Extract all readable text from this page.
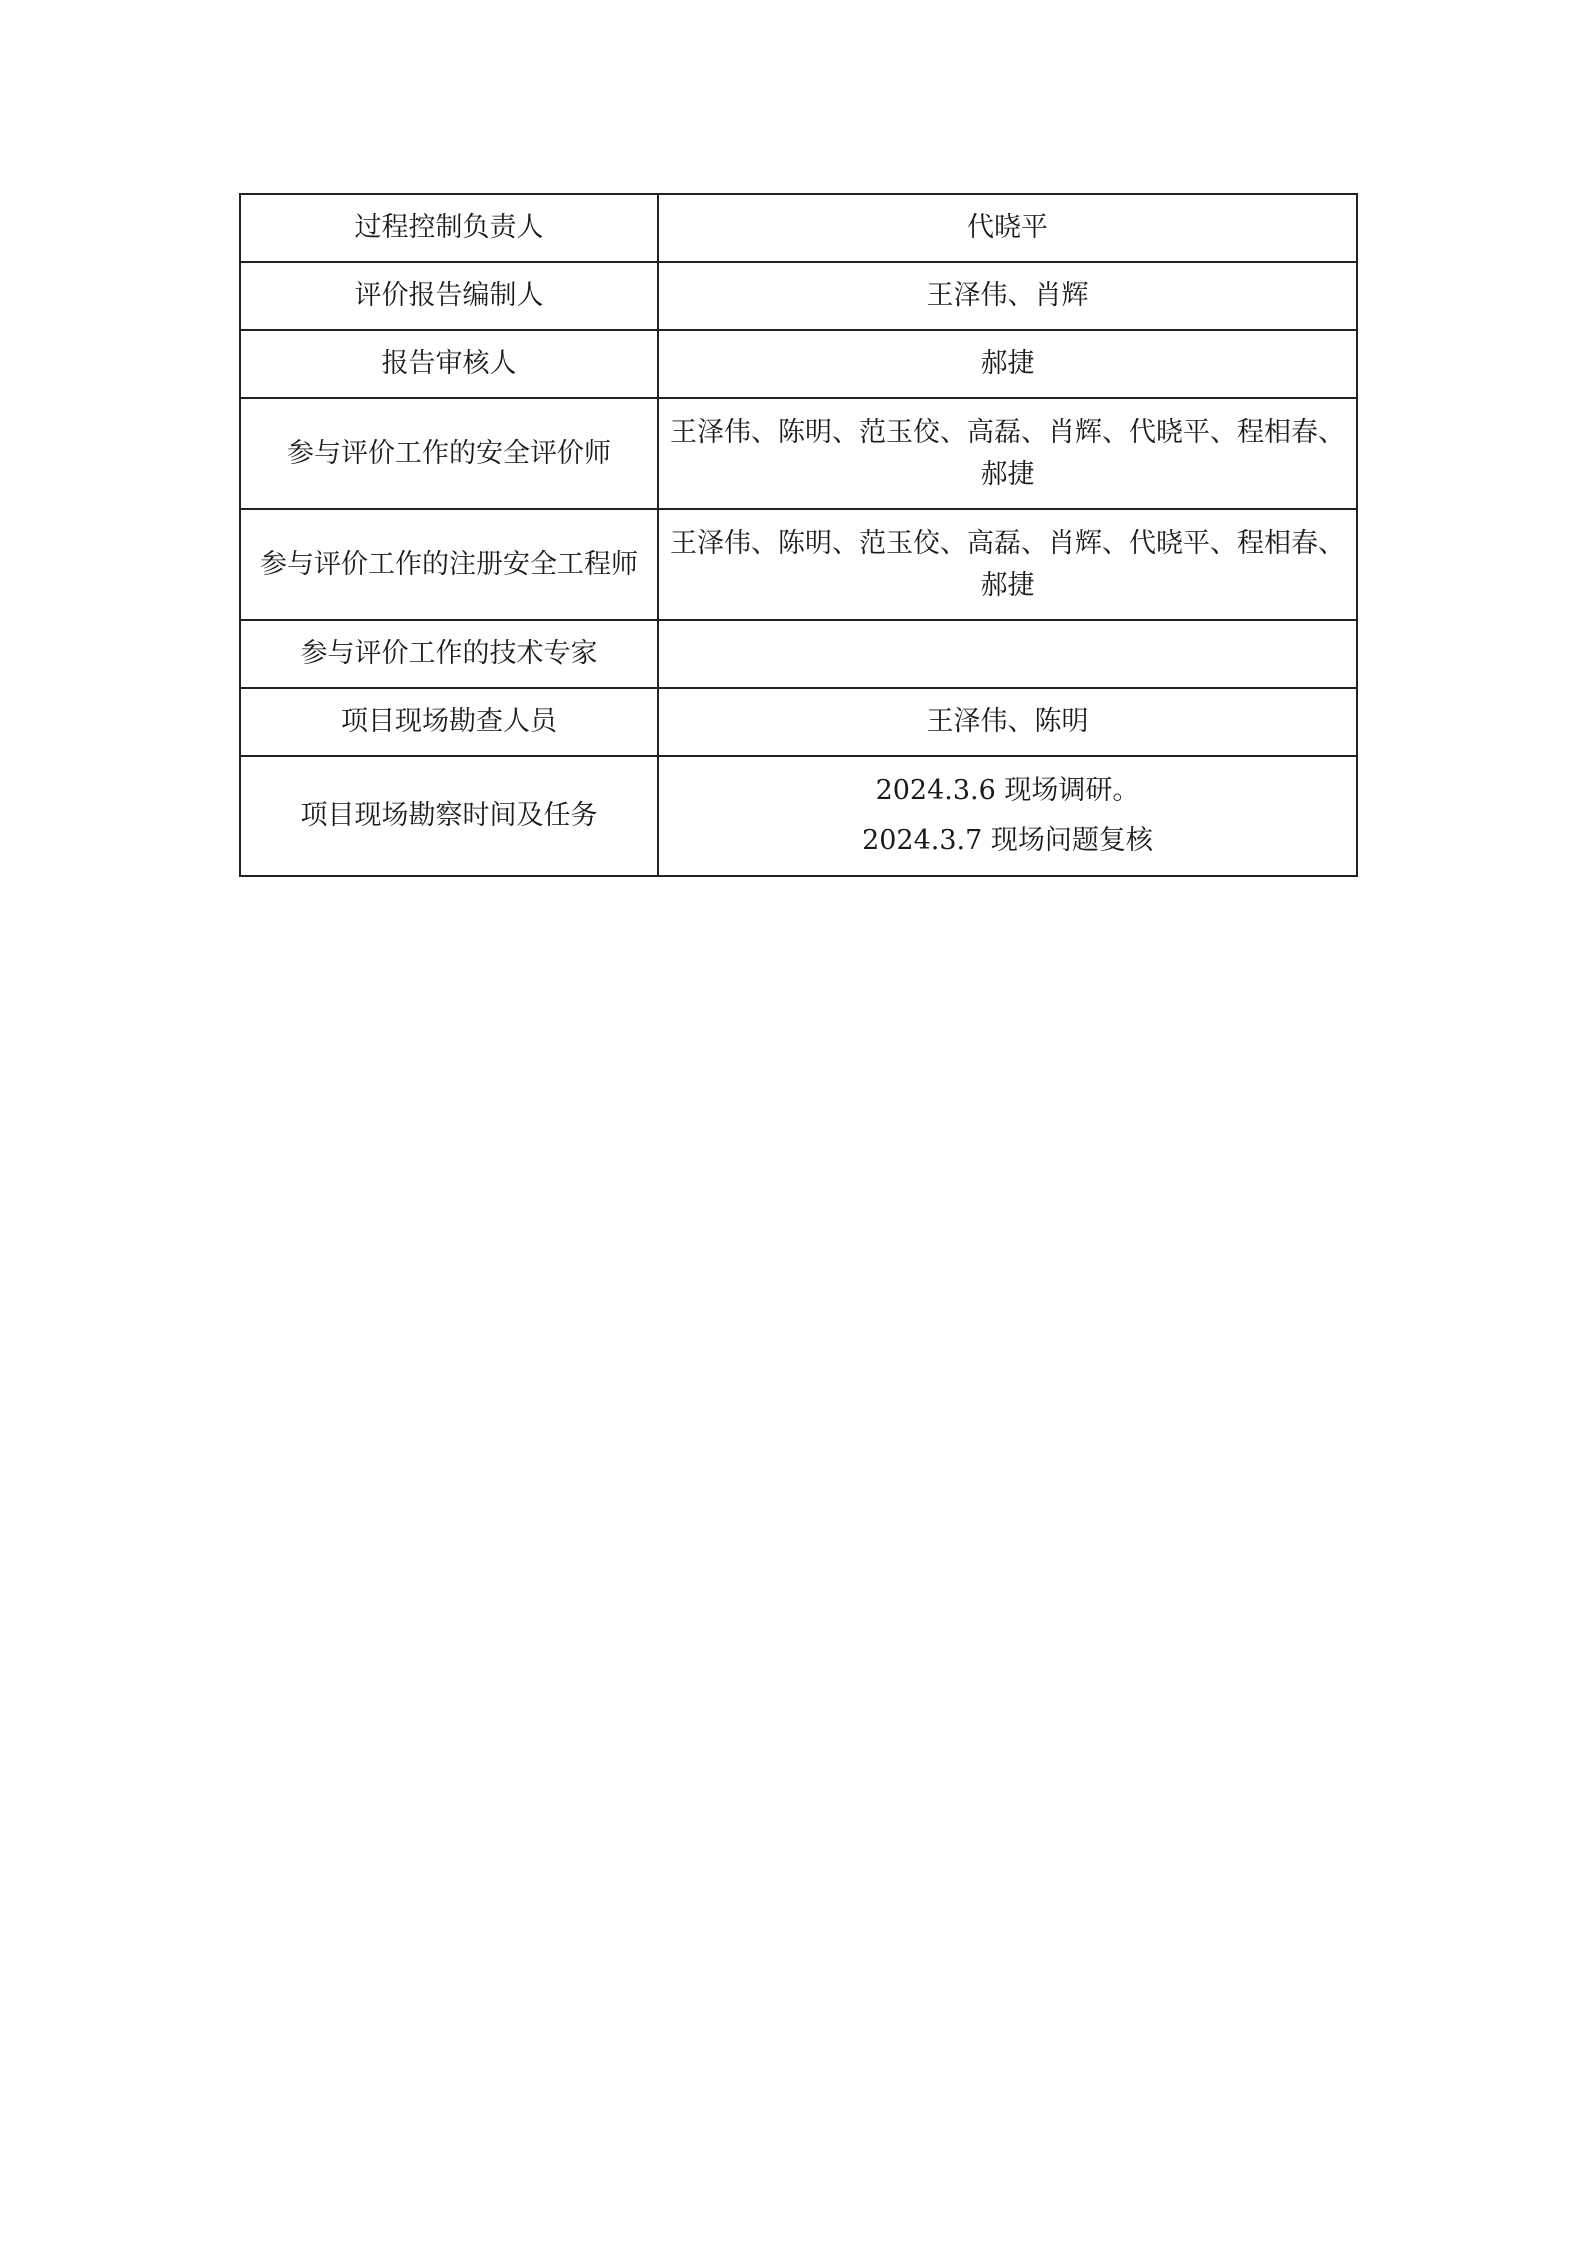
过程控制负责人	代晓平
评价报告编制人	王泽伟、肖辉
报告审核人	郝捷
参与评价工作的安全评价师	王泽伟、陈明、范玉佼、高磊、肖辉、代晓平、程相春、
郝捷

参与评价工作的注册安全工程师	王泽伟、陈明、范玉佼、高磊、肖辉、代晓平、程相春、
郝捷

参与评价工作的技术专家	
项目现场勘查人员	王泽伟、陈明
项目现场勘察时间及任务	2024.3.6 现场调研。
2024.3.7 现场问题复核
